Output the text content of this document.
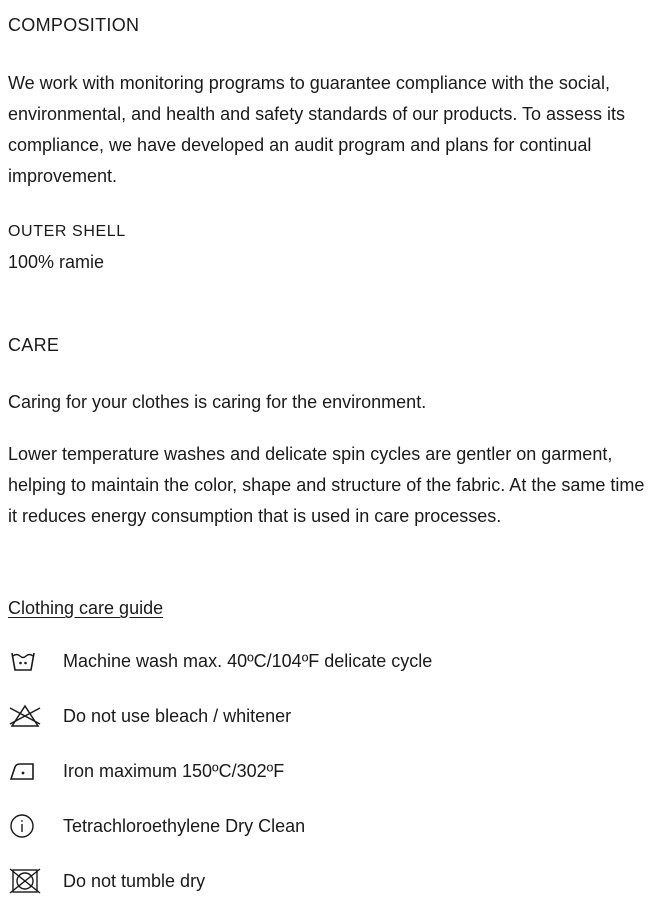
COMPOSITION

We work with monitoring programs to guarantee compliance with the social, environmental, and health and safety standards of our products. To assess its compliance, we have developed an audit program and plans for continual improvement.

OUTER SHELL
100% ramie
CARE

Caring for your clothes is caring for the environment.

Lower temperature washes and delicate spin cycles are gentler on garment, helping to maintain the color, shape and structure of the fabric. At the same time it reduces energy consumption that is used in care processes.

Clothing care guide
Machine wash max. 40ºC/104ºF delicate cycle
Do not use bleach / whitener
Iron maximum 150ºC/302ºF
Tetrachloroethylene Dry Clean
Do not tumble dry
